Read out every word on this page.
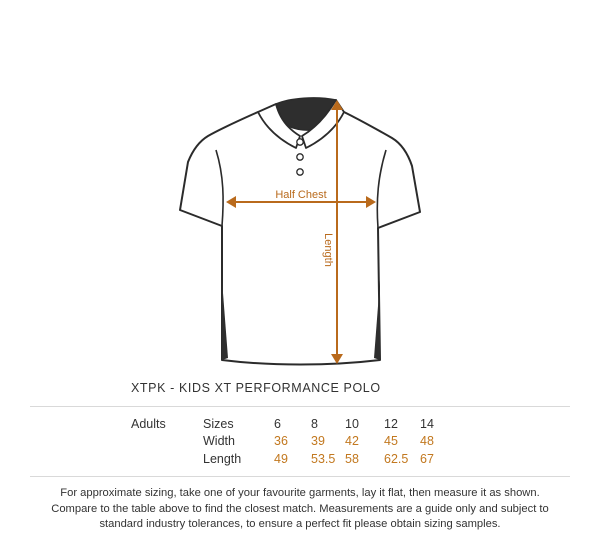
Half Chest
Length
XTPK - KIDS XT PERFORMANCE POLO
Adults	Sizes	6 8 10 12 14
Width	36 39 42 45 48
Length	49 53.5 58 62.5 67
For approximate sizing, take one of your favourite garments, lay it flat, then measure it as shown.
Compare to the table above to find the closest match. Measurements are a guide only and subject to
standard industry tolerances, to ensure a perfect fit please obtain sizing samples.
